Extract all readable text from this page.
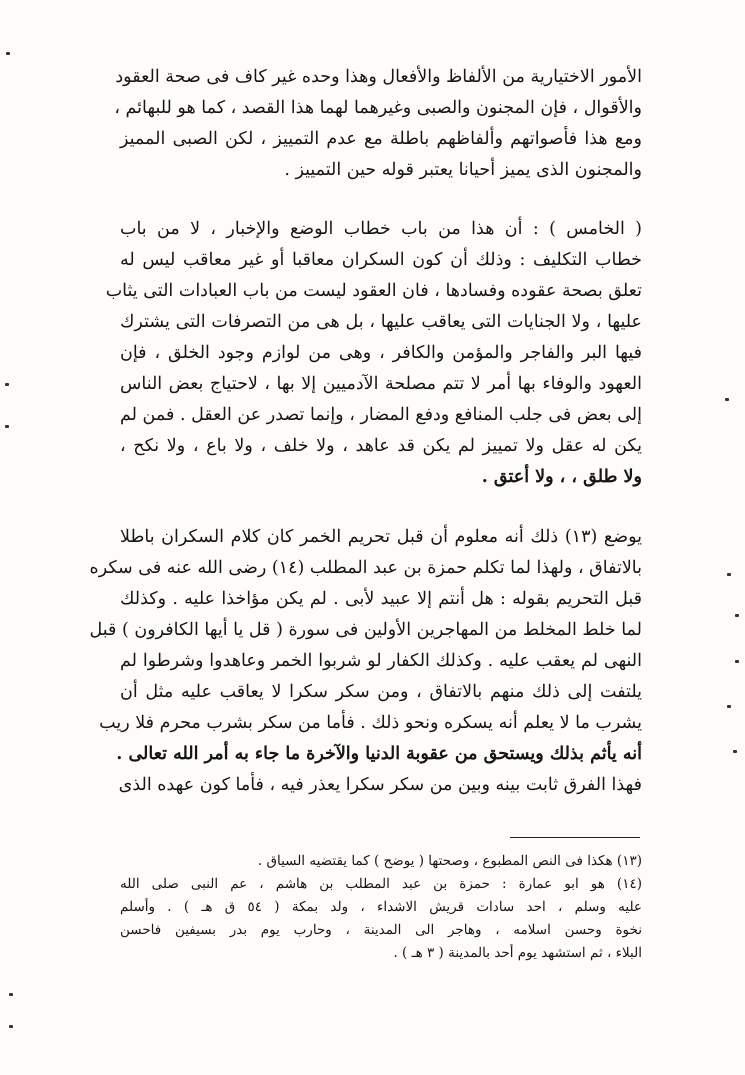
الأمور الاختيارية من الألفاظ والأفعال وهذا وحده غير كاف فى صحة العقود
والأقوال ، فإن المجنون والصبى وغيرهما لهما هذا القصد ، كما هو للبهائم ،
ومع هذا فأصواتهم وألفاظهم باطلة مع عدم التمييز ، لكن الصبى المميز
والمجنون الذى يميز أحيانا يعتبر قوله حين التمييز .
( الخامس ) : أن هذا من باب خطاب الوضع والإخبار ، لا من باب
خطاب التكليف : وذلك أن كون السكران معاقبا أو غير معاقب ليس له
تعلق بصحة عقوده وفسادها ، فان العقود ليست من باب العبادات التى يثاب
عليها ، ولا الجنايات التى يعاقب عليها ، بل هى من التصرفات التى يشترك
فيها البر والفاجر والمؤمن والكافر ، وهى من لوازم وجود الخلق ، فإن
العهود والوفاء بها أمر لا تتم مصلحة الآدميين إلا بها ، لاحتياج بعض الناس
إلى بعض فى جلب المنافع ودفع المضار ، وإنما تصدر عن العقل . فمن لم
يكن له عقل ولا تمييز لم يكن قد عاهد ، ولا خلف ، ولا باع ، ولا نكح ،
ولا طلق ، ، ولا أعتق .
يوضع (١٣) ذلك أنه معلوم أن قبل تحريم الخمر كان كلام السكران باطلا
بالاتفاق ، ولهذا لما تكلم حمزة بن عبد المطلب (١٤) رضى الله عنه فى سكره
قبل التحريم بقوله : هل أنتم إلا عبيد لأبى . لم يكن مؤاخذا عليه . وكذلك
لما خلط المخلط من المهاجرين الأولين فى سورة ( قل يا أيها الكافرون ) قبل
النهى لم يعقب عليه . وكذلك الكفار لو شربوا الخمر وعاهدوا وشرطوا لم
يلتفت إلى ذلك منهم بالاتفاق ، ومن سكر سكرا لا يعاقب عليه مثل أن
يشرب ما لا يعلم أنه يسكره ونحو ذلك . فأما من سكر بشرب محرم فلا ريب
أنه يأثم بذلك ويستحق من عقوبة الدنيا والآخرة ما جاء به أمر الله تعالى .
فهذا الفرق ثابت بينه وبين من سكر سكرا يعذر فيه ، فأما كون عهده الذى
(١٣) هكذا فى النص المطبوع ، وصحتها ( يوضح ) كما يقتضيه السياق .
(١٤) هو ابو عمارة : حمزة بن عبد المطلب بن هاشم ، عم النبى صلى الله
عليه وسلم ، احد سادات قريش الاشداء ، ولد بمكة ( ٥٤ ق هـ ) . وأسلم
نخوة وحسن اسلامه ، وهاجر الى المدينة ، وحارب يوم بدر بسيفين فاحسن
البلاء ، ثم استشهد يوم أحد بالمدينة ( ٣ هـ ) .
